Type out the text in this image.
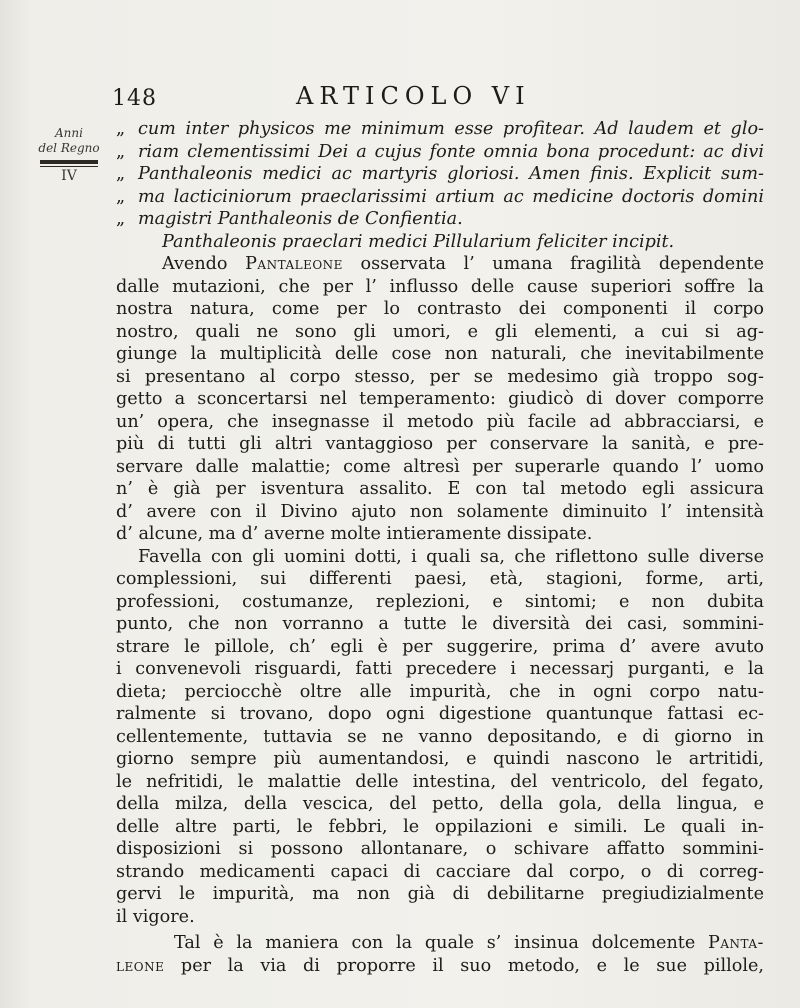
148	ARTICOLO VI
Anni
del Regno
IV
„ cum inter physicos me minimum esse profitear. Ad laudem et glo-
„ riam clementissimi Dei a cujus fonte omnia bona procedunt: ac divi
„ Panthaleonis medici ac martyris gloriosi. Amen finis. Explicit sum-
„ ma lacticiniorum praeclarissimi artium ac medicine doctoris domini
„ magistri Panthaleonis de Confientia.
Panthaleonis praeclari medici Pillularium feliciter incipit.
Avendo Pantaleone osservata l’ umana fragilità dependente
dalle mutazioni, che per l’ influsso delle cause superiori soffre la
nostra natura, come per lo contrasto dei componenti il corpo
nostro, quali ne sono gli umori, e gli elementi, a cui si ag-
giunge la multiplicità delle cose non naturali, che inevitabilmente
si presentano al corpo stesso, per se medesimo già troppo sog-
getto a sconcertarsi nel temperamento: giudicò di dover comporre
un’ opera, che insegnasse il metodo più facile ad abbracciarsi, e
più di tutti gli altri vantaggioso per conservare la sanità, e pre-
servare dalle malattie; come altresì per superarle quando l’ uomo
n’ è già per isventura assalito. E con tal metodo egli assicura
d’ avere con il Divino ajuto non solamente diminuito l’ intensità
d’ alcune, ma d’ averne molte intieramente dissipate.
Favella con gli uomini dotti, i quali sa, che riflettono sulle diverse
complessioni, sui differenti paesi, età, stagioni, forme, arti,
professioni, costumanze, replezioni, e sintomi; e non dubita
punto, che non vorranno a tutte le diversità dei casi, sommini-
strare le pillole, ch’ egli è per suggerire, prima d’ avere avuto
i convenevoli risguardi, fatti precedere i necessarj purganti, e la
dieta; perciocchè oltre alle impurità, che in ogni corpo natu-
ralmente si trovano, dopo ogni digestione quantunque fattasi ec-
cellentemente, tuttavia se ne vanno depositando, e di giorno in
giorno sempre più aumentandosi, e quindi nascono le artritidi,
le nefritidi, le malattie delle intestina, del ventricolo, del fegato,
della milza, della vescica, del petto, della gola, della lingua, e
delle altre parti, le febbri, le oppilazioni e simili. Le quali in-
disposizioni si possono allontanare, o schivare affatto sommini-
strando medicamenti capaci di cacciare dal corpo, o di correg-
gervi le impurità, ma non già di debilitarne pregiudizialmente
il vigore.
Tal è la maniera con la quale s’ insinua dolcemente Panta-
leone per la via di proporre il suo metodo, e le sue pillole,
